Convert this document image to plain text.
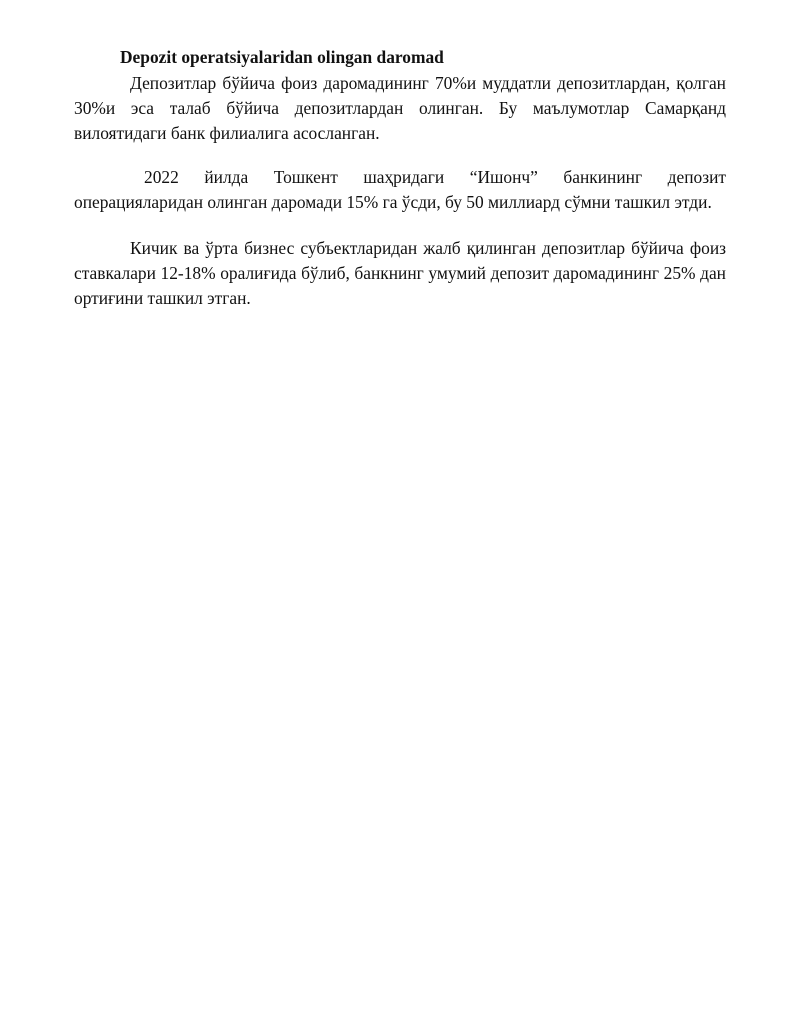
Depozit operatsiyalaridan olingan daromad

Депозитлар бўйича фоиз даромадининг 70%и муддатли депозитлардан, қолган 30%и эса талаб бўйича депозитлардан олинган. Бу маълумотлар Самарқанд вилоятидаги банк филиалига асосланган.

2022 йилда Тошкент шаҳридаги “Ишонч” банкининг депозит операцияларидан олинган даромади 15% га ўсди, бу 50 миллиард сўмни ташкил этди.

Кичик ва ўрта бизнес субъектларидан жалб қилинган депозитлар бўйича фоиз ставкалари 12-18% оралиғида бўлиб, банкнинг умумий депозит даромадининг 25% дан ортиғини ташкил этган.
